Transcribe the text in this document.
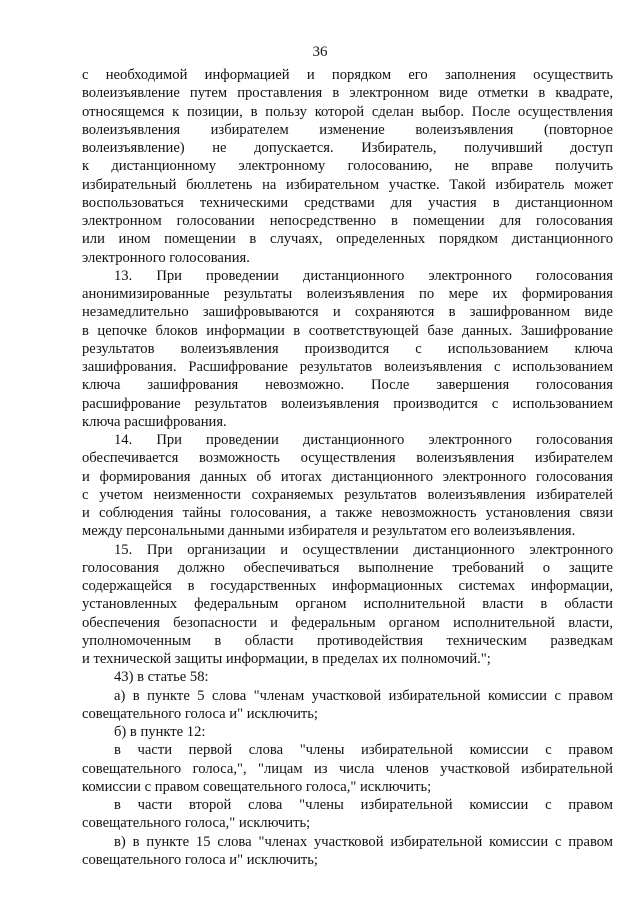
36
с необходимой информацией и порядком его заполнения осуществить
волеизъявление путем проставления в электронном виде отметки в квадрате,
относящемся к позиции, в пользу которой сделан выбор. После осуществления
волеизъявления избирателем изменение волеизъявления (повторное
волеизъявление) не допускается. Избиратель, получивший доступ
к дистанционному электронному голосованию, не вправе получить
избирательный бюллетень на избирательном участке. Такой избиратель может
воспользоваться техническими средствами для участия в дистанционном
электронном голосовании непосредственно в помещении для голосования
или ином помещении в случаях, определенных порядком дистанционного
электронного голосования.
13. При проведении дистанционного электронного голосования
анонимизированные результаты волеизъявления по мере их формирования
незамедлительно зашифровываются и сохраняются в зашифрованном виде
в цепочке блоков информации в соответствующей базе данных. Зашифрование
результатов волеизъявления производится с использованием ключа
зашифрования. Расшифрование результатов волеизъявления с использованием
ключа зашифрования невозможно. После завершения голосования
расшифрование результатов волеизъявления производится с использованием
ключа расшифрования.
14. При проведении дистанционного электронного голосования
обеспечивается возможность осуществления волеизъявления избирателем
и формирования данных об итогах дистанционного электронного голосования
с учетом неизменности сохраняемых результатов волеизъявления избирателей
и соблюдения тайны голосования, а также невозможность установления связи
между персональными данными избирателя и результатом его волеизъявления.
15. При организации и осуществлении дистанционного электронного
голосования должно обеспечиваться выполнение требований о защите
содержащейся в государственных информационных системах информации,
установленных федеральным органом исполнительной власти в области
обеспечения безопасности и федеральным органом исполнительной власти,
уполномоченным в области противодействия техническим разведкам
и технической защиты информации, в пределах их полномочий.";
43) в статье 58:
а) в пункте 5 слова "членам участковой избирательной комиссии с правом
совещательного голоса и" исключить;
б) в пункте 12:
в части первой слова "члены избирательной комиссии с правом
совещательного голоса,", "лицам из числа членов участковой избирательной
комиссии с правом совещательного голоса," исключить;
в части второй слова "члены избирательной комиссии с правом
совещательного голоса," исключить;
в) в пункте 15 слова "членах участковой избирательной комиссии с правом
совещательного голоса и" исключить;
